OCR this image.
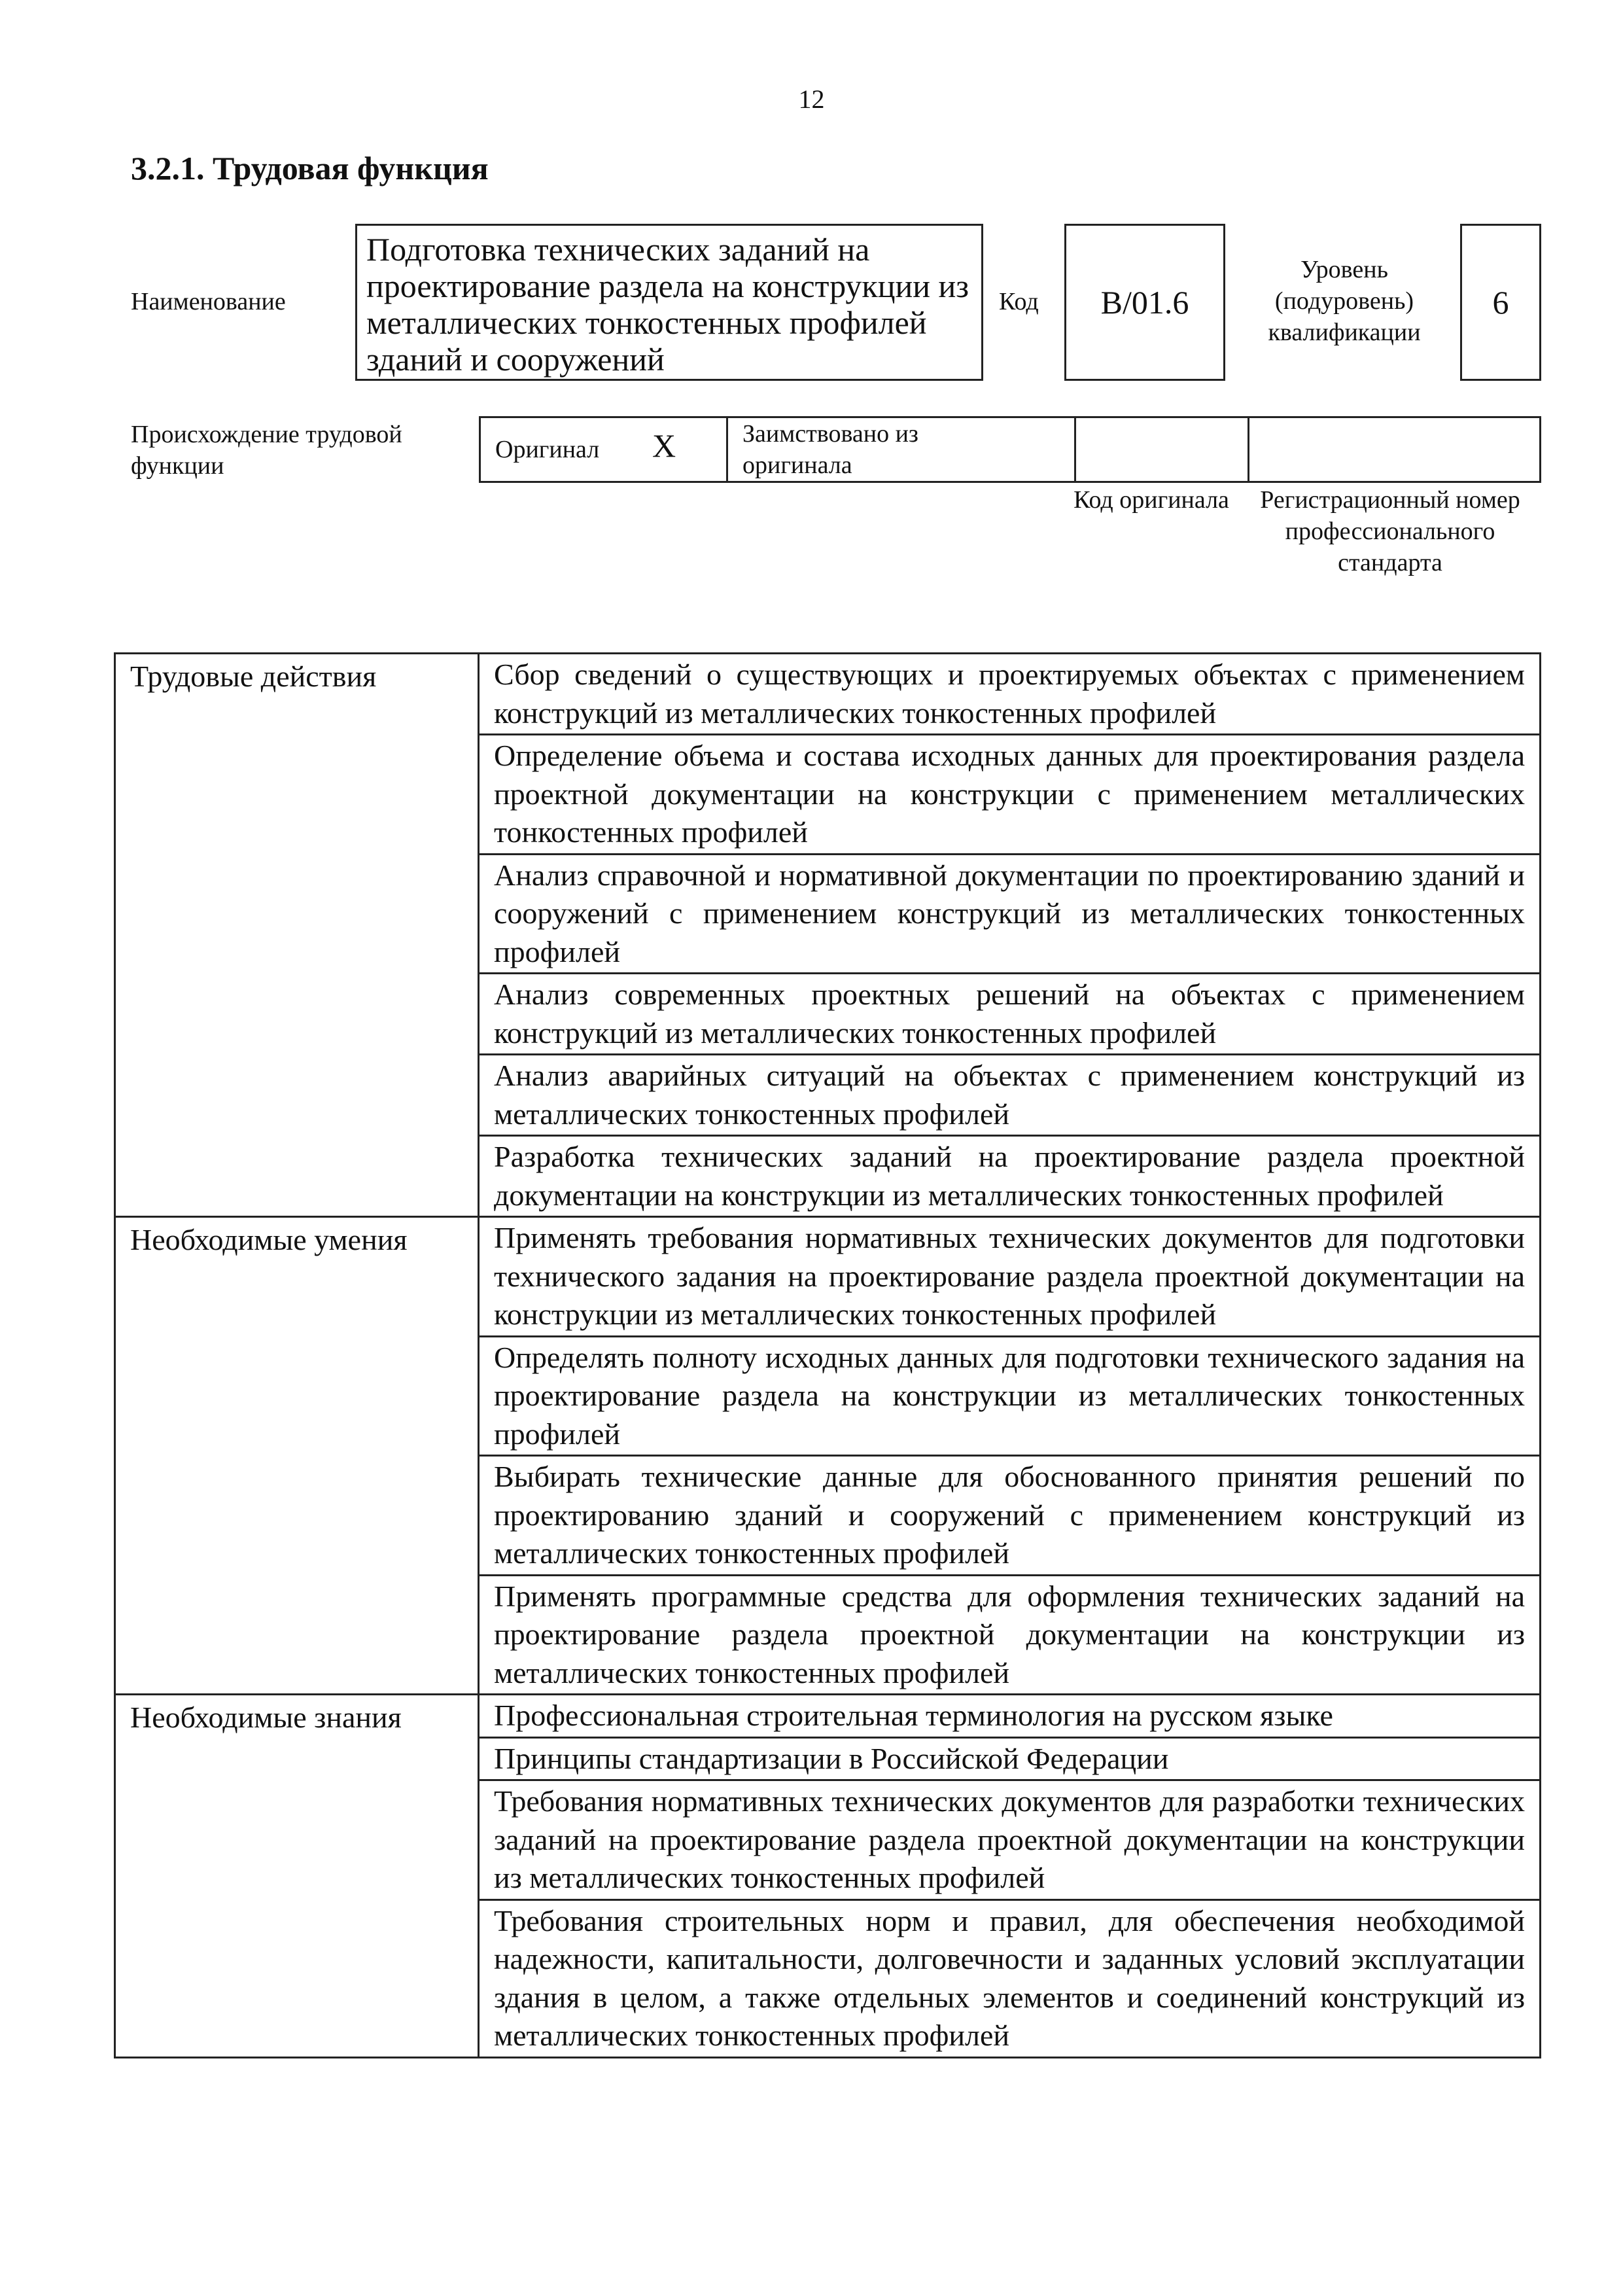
12
3.2.1. Трудовая функция
Наименование
Подготовка технических заданий на проектирование раздела на конструкции из металлических тонкостенных профилей зданий и сооружений
Код B/01.6
Уровень (подуровень) квалификации
6
Происхождение трудовой функции
Оригинал X	Заимствовано из оригинала
Код оригинала	Регистрационный номер профессионального стандарта
Трудовые действия	Сбор сведений о существующих и проектируемых объектах с применением конструкций из металлических тонкостенных профилей
	Определение объема и состава исходных данных для проектирования раздела проектной документации на конструкции с применением металлических тонкостенных профилей
	Анализ справочной и нормативной документации по проектированию зданий и сооружений с применением конструкций из металлических тонкостенных профилей
	Анализ современных проектных решений на объектах с применением конструкций из металлических тонкостенных профилей
	Анализ аварийных ситуаций на объектах с применением конструкций из металлических тонкостенных профилей
	Разработка технических заданий на проектирование раздела проектной документации на конструкции из металлических тонкостенных профилей
Необходимые умения	Применять требования нормативных технических документов для подготовки технического задания на проектирование раздела проектной документации на конструкции из металлических тонкостенных профилей
	Определять полноту исходных данных для подготовки технического задания на проектирование раздела на конструкции из металлических тонкостенных профилей
	Выбирать технические данные для обоснованного принятия решений по проектированию зданий и сооружений с применением конструкций из металлических тонкостенных профилей
	Применять программные средства для оформления технических заданий на проектирование раздела проектной документации на конструкции из металлических тонкостенных профилей
Необходимые знания	Профессиональная строительная терминология на русском языке
	Принципы стандартизации в Российской Федерации
	Требования нормативных технических документов для разработки технических заданий на проектирование раздела проектной документации на конструкции из металлических тонкостенных профилей
	Требования строительных норм и правил, для обеспечения необходимой надежности, капитальности, долговечности и заданных условий эксплуатации здания в целом, а также отдельных элементов и соединений конструкций из металлических тонкостенных профилей
